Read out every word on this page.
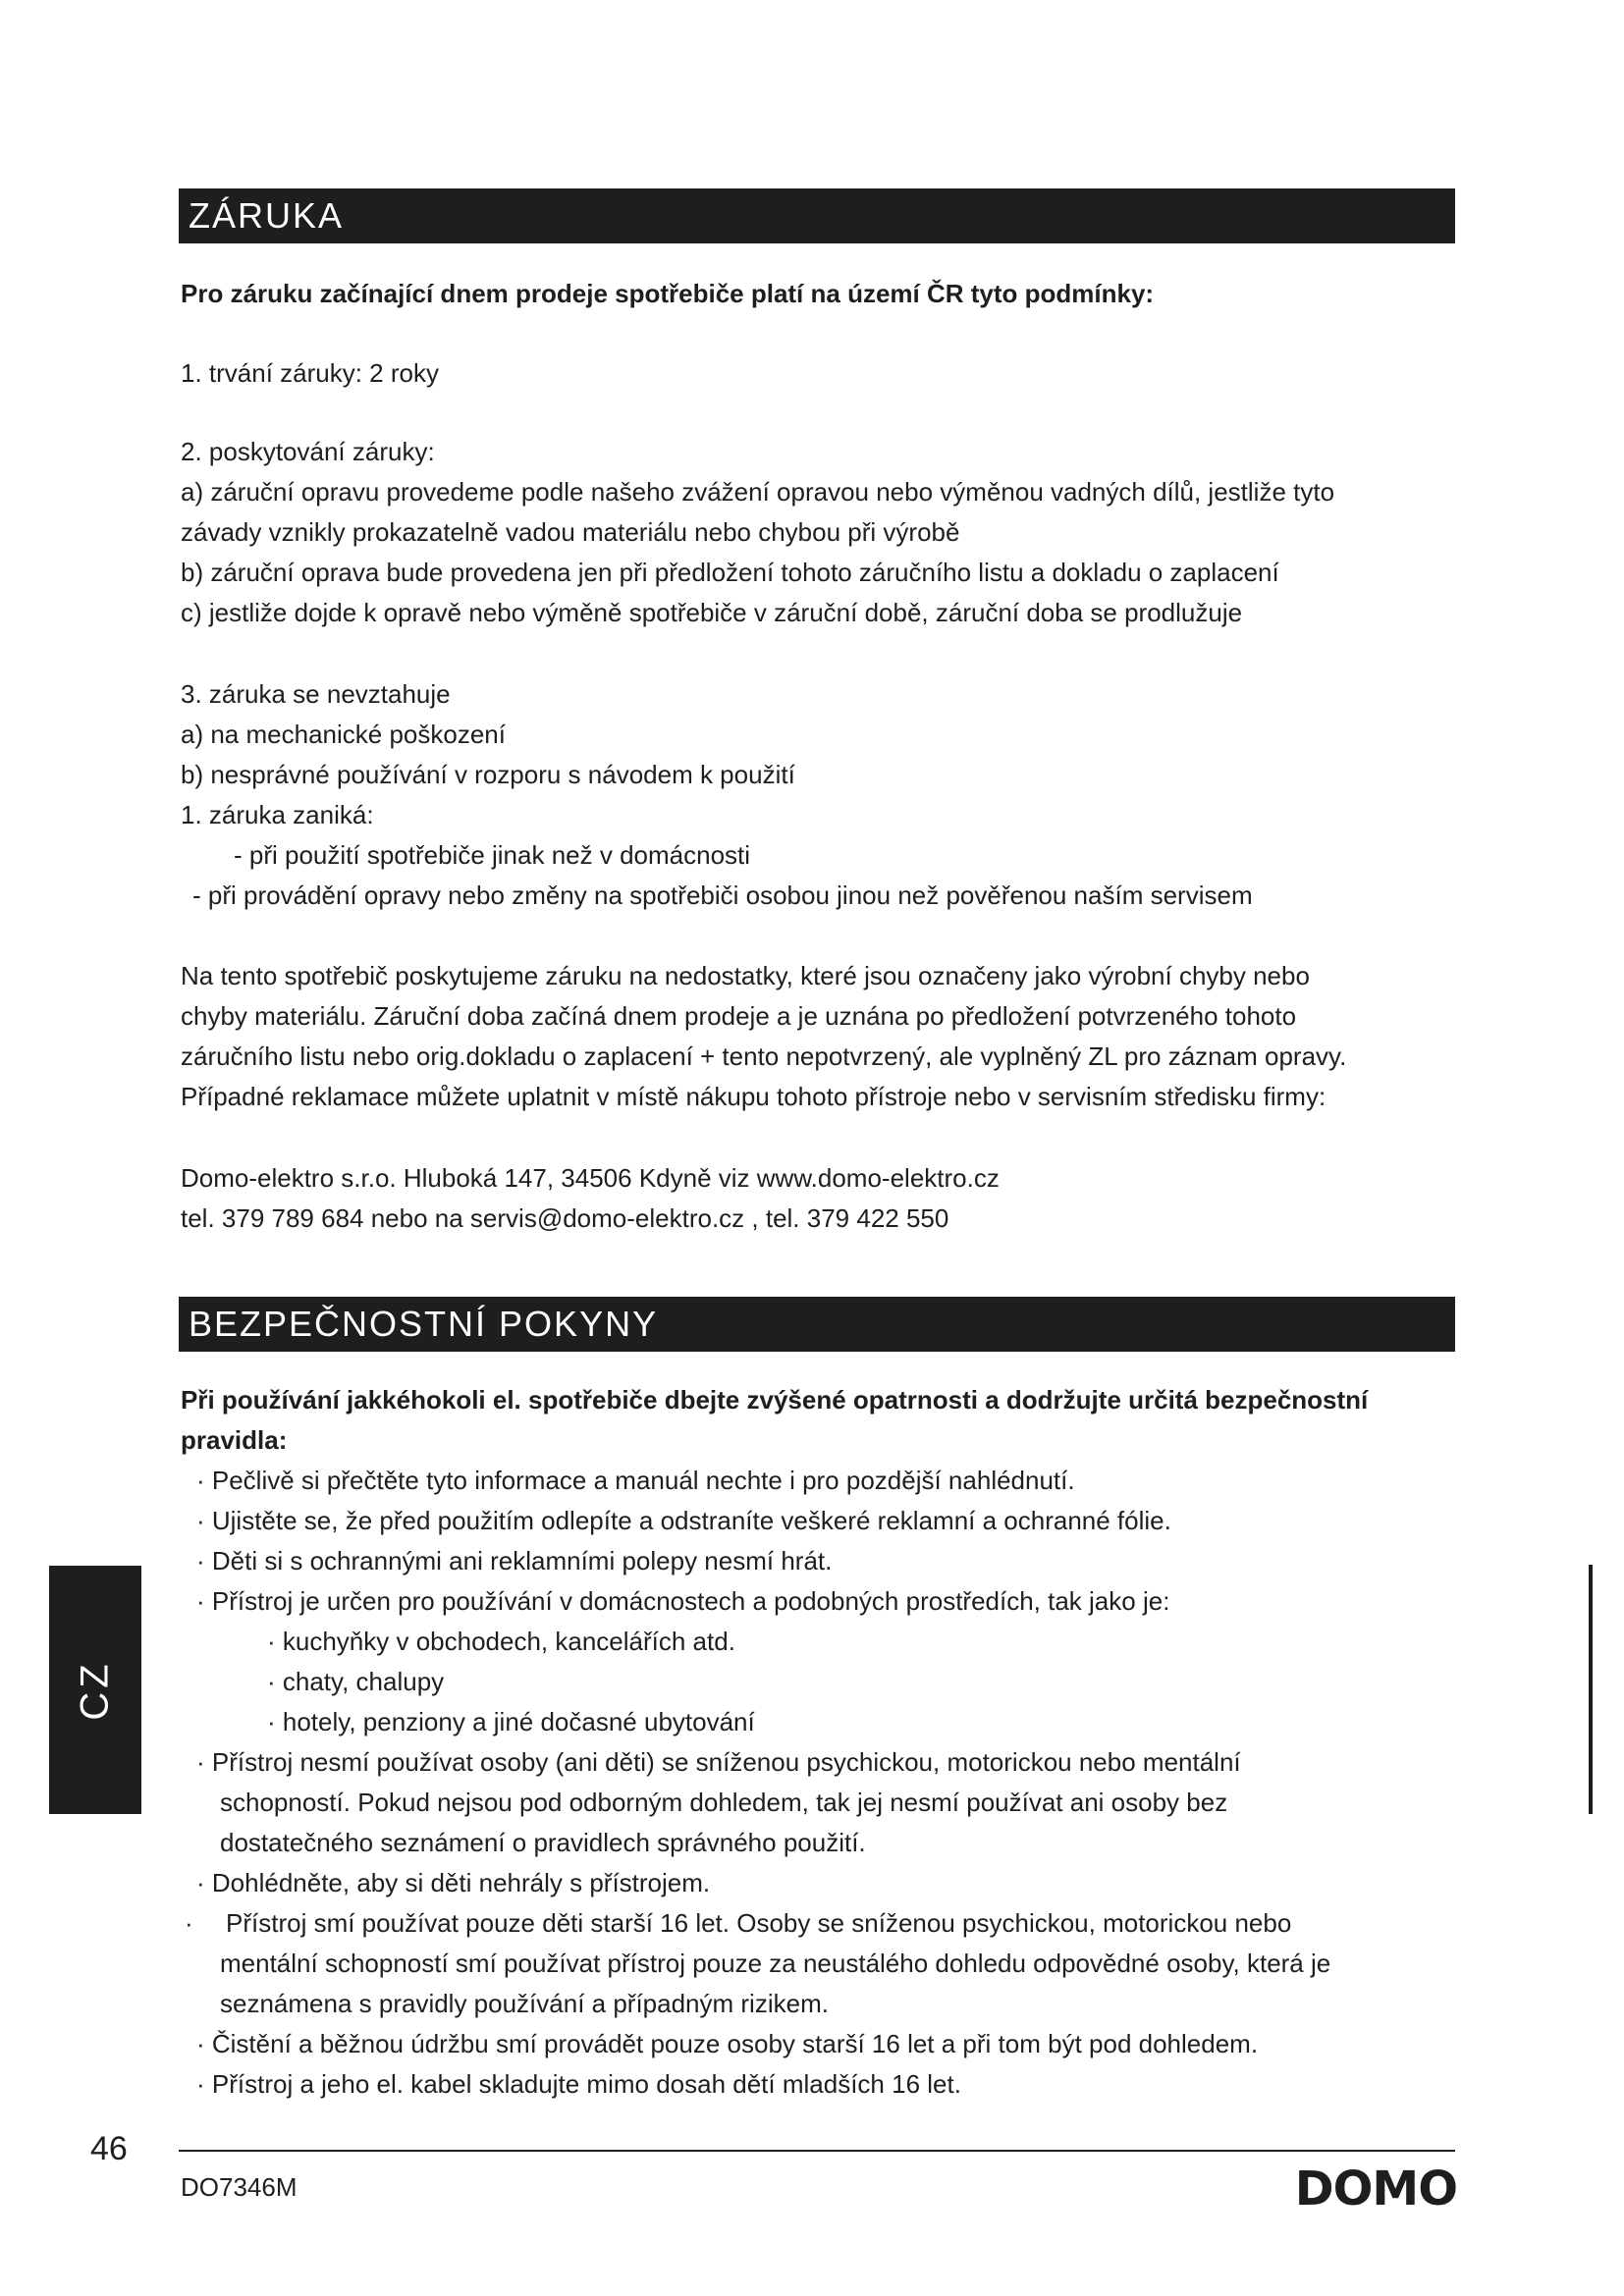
ZÁRUKA

Pro záruku začínající dnem prodeje spotřebiče platí na území ČR tyto podmínky:

1. trvání záruky: 2 roky

2. poskytování záruky:

a) záruční opravu provedeme podle našeho zvážení opravou nebo výměnou vadných dílů, jestliže tyto

závady vznikly prokazatelně vadou materiálu nebo chybou při výrobě

b) záruční oprava bude provedena jen při předložení tohoto záručního listu a dokladu o zaplacení

c) jestliže dojde k opravě nebo výměně spotřebiče v záruční době, záruční doba se prodlužuje

3. záruka se nevztahuje

a) na mechanické poškození

b) nesprávné používání v rozporu s návodem k použití

1. záruka zaniká:

- při použití spotřebiče jinak než v domácnosti

- při provádění opravy nebo změny na spotřebiči osobou jinou než pověřenou naším servisem

Na tento spotřebič poskytujeme záruku na nedostatky, které jsou označeny jako výrobní chyby nebo

chyby materiálu. Záruční doba začíná dnem prodeje a je uznána po předložení potvrzeného tohoto

záručního listu nebo orig.dokladu o zaplacení + tento nepotvrzený, ale vyplněný ZL pro záznam opravy.

Případné reklamace můžete uplatnit v místě nákupu tohoto přístroje nebo v servisním středisku firmy:

Domo-elektro s.r.o. Hluboká 147, 34506 Kdyně viz www.domo-elektro.cz

tel. 379 789 684 nebo na servis@domo-elektro.cz , tel. 379 422 550

BEZPEČNOSTNÍ POKYNY

Při používání jakkéhokoli el. spotřebiče dbejte zvýšené opatrnosti a dodržujte určitá bezpečnostní

pravidla:

· Pečlivě si přečtěte tyto informace a manuál nechte i pro pozdější nahlédnutí.

· Ujistěte se, že před použitím odlepíte a odstraníte veškeré reklamní a ochranné fólie.

· Děti si s ochrannými ani reklamními polepy nesmí hrát.

· Přístroj je určen pro používání v domácnostech a podobných prostředích, tak jako je:

· kuchyňky v obchodech, kancelářích atd.

· chaty, chalupy

· hotely, penziony a jiné dočasné ubytování

· Přístroj nesmí používat osoby (ani děti) se sníženou psychickou, motorickou nebo mentální

schopností. Pokud nejsou pod odborným dohledem, tak jej nesmí používat ani osoby bez

dostatečného seznámení o pravidlech správného použití.

· Dohlédněte, aby si děti nehrály s přístrojem.

· Přístroj smí používat pouze děti starší 16 let. Osoby se sníženou psychickou, motorickou nebo

mentální schopností smí používat přístroj pouze za neustálého dohledu odpovědné osoby, která je

seznámena s pravidly používání a případným rizikem.

· Čistění a běžnou údržbu smí provádět pouze osoby starší 16 let a při tom být pod dohledem.

· Přístroj a jeho el. kabel skladujte mimo dosah dětí mladších 16 let.

CZ
46
DO7346M	DOMO
